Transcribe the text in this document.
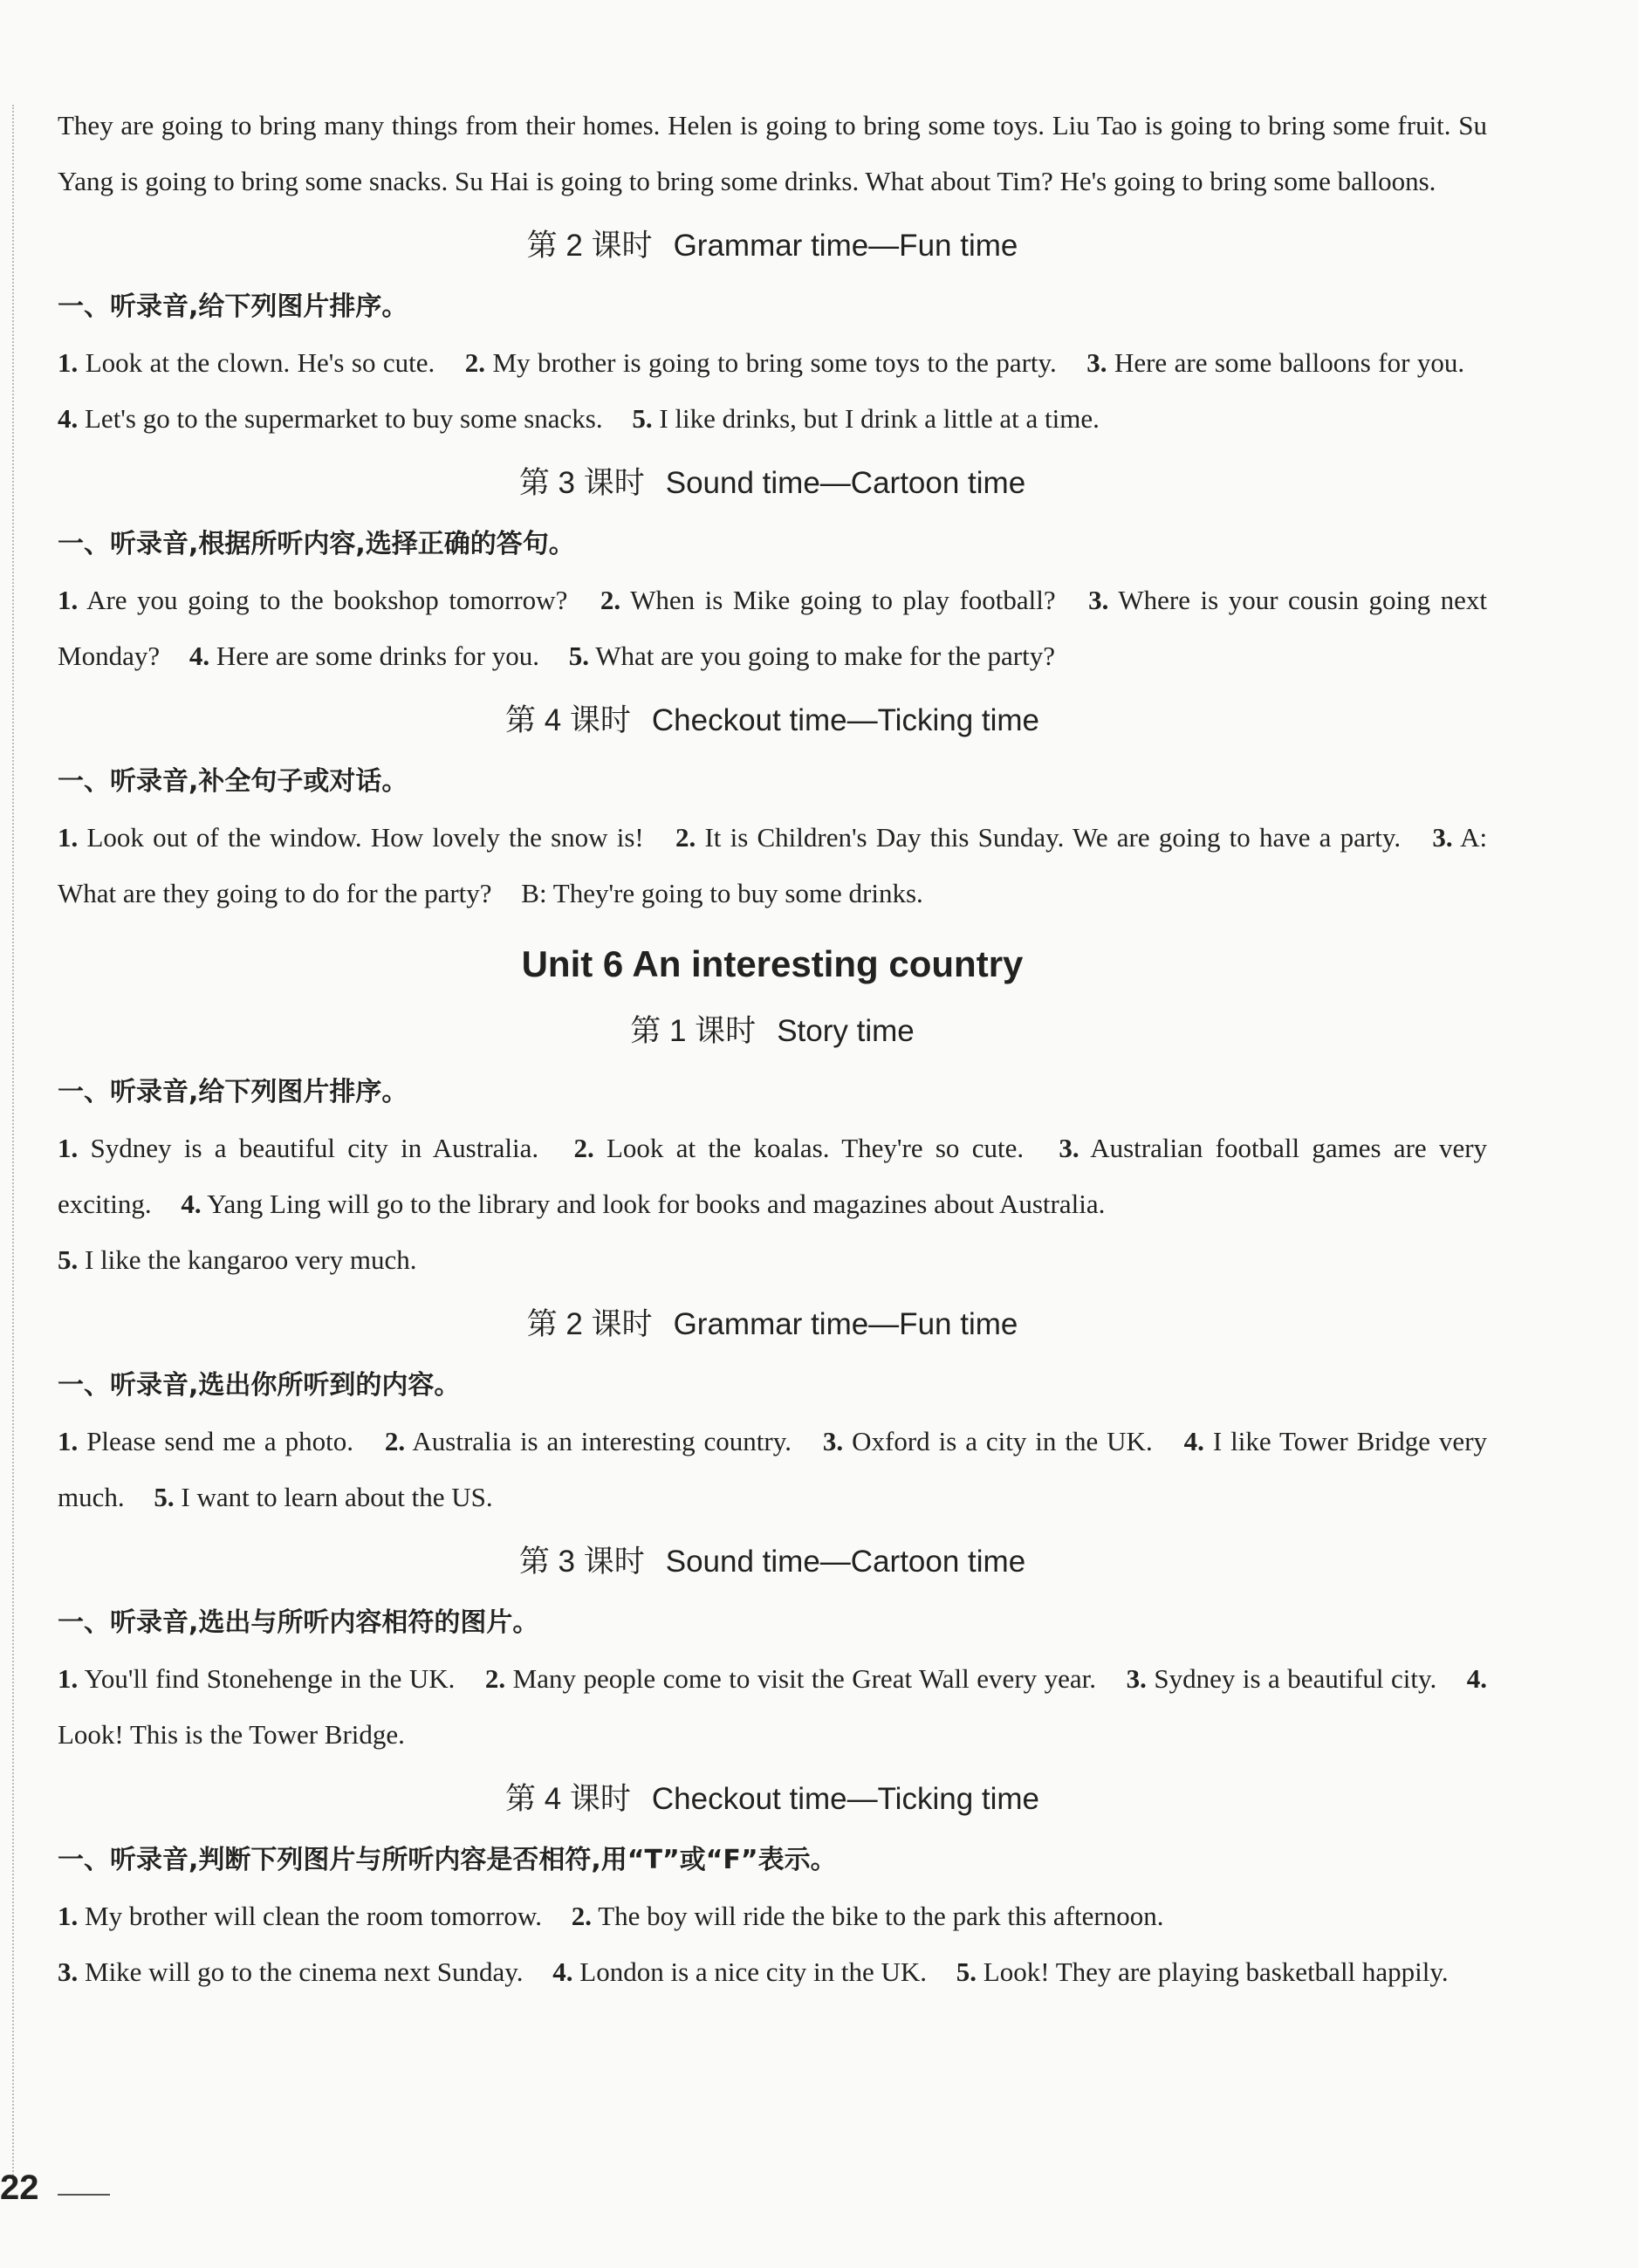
They are going to bring many things from their homes. Helen is going to bring some toys. Liu Tao is going to bring some fruit. Su Yang is going to bring some snacks. Su Hai is going to bring some drinks. What about Tim? He's going to bring some balloons.

第 2 课时 Grammar time—Fun time

一、听录音,给下列图片排序。

1. Look at the clown. He's so cute. 2. My brother is going to bring some toys to the party. 3. Here are some balloons for you. 4. Let's go to the supermarket to buy some snacks. 5. I like drinks, but I drink a little at a time.

第 3 课时 Sound time—Cartoon time

一、听录音,根据所听内容,选择正确的答句。

1. Are you going to the bookshop tomorrow? 2. When is Mike going to play football? 3. Where is your cousin going next Monday? 4. Here are some drinks for you. 5. What are you going to make for the party?

第 4 课时 Checkout time—Ticking time

一、听录音,补全句子或对话。

1. Look out of the window. How lovely the snow is! 2. It is Children's Day this Sunday. We are going to have a party. 3. A: What are they going to do for the party? B: They're going to buy some drinks.

Unit 6 An interesting country
第 1 课时 Story time

一、听录音,给下列图片排序。

1. Sydney is a beautiful city in Australia. 2. Look at the koalas. They're so cute. 3. Australian football games are very exciting. 4. Yang Ling will go to the library and look for books and magazines about Australia.
5. I like the kangaroo very much.

第 2 课时 Grammar time—Fun time

一、听录音,选出你所听到的内容。

1. Please send me a photo. 2. Australia is an interesting country. 3. Oxford is a city in the UK. 4. I like Tower Bridge very much. 5. I want to learn about the US.

第 3 课时 Sound time—Cartoon time

一、听录音,选出与所听内容相符的图片。

1. You'll find Stonehenge in the UK. 2. Many people come to visit the Great Wall every year. 3. Sydney is a beautiful city. 4. Look! This is the Tower Bridge.

第 4 课时 Checkout time—Ticking time

一、听录音,判断下列图片与所听内容是否相符,用“T”或“F”表示。

1. My brother will clean the room tomorrow. 2. The boy will ride the bike to the park this afternoon.
3. Mike will go to the cinema next Sunday. 4. London is a nice city in the UK. 5. Look! They are playing basketball happily.

22
